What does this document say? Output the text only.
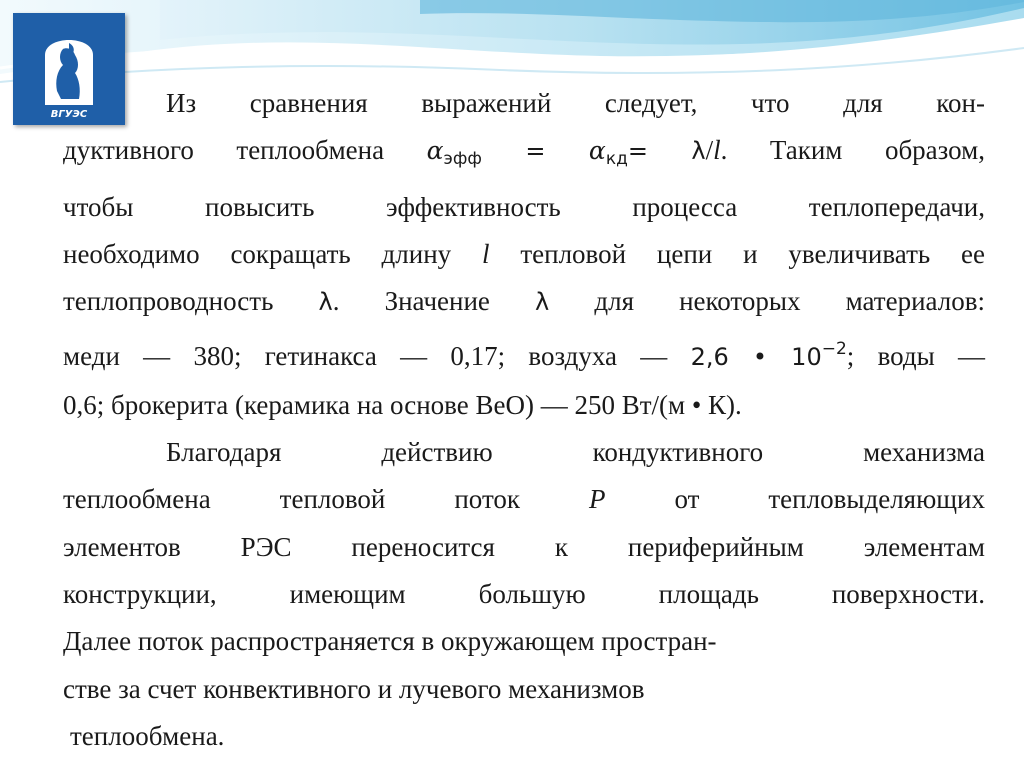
ВГУЭС	Из сравнения выражений следует, что для кон-

дуктивного теплообмена $\alpha_{эфф} = \alpha_{кд}= \lambda/l$. Таким образом,

чтобы повысить эффективность процесса теплопередачи,

необходимо сокращать длину l тепловой цепи и увеличивать ее

теплопроводность λ. Значение λ для некоторых материалов:

меди — 380; гетинакса — 0,17; воздуха — 2,6 • $10^{-2}$; воды —

0,6; брокерита (керамика на основе BeO) — 250 Вт/(м • К).

Благодаря действию кондуктивного механизма

теплообмена тепловой поток P от тепловыделяющих

элементов РЭС переносится к периферийным элементам

конструкции, имеющим большую площадь поверхности.

Далее поток распространяется в окружающем простран-

стве за счет конвективного и лучевого механизмов

теплообмена.
